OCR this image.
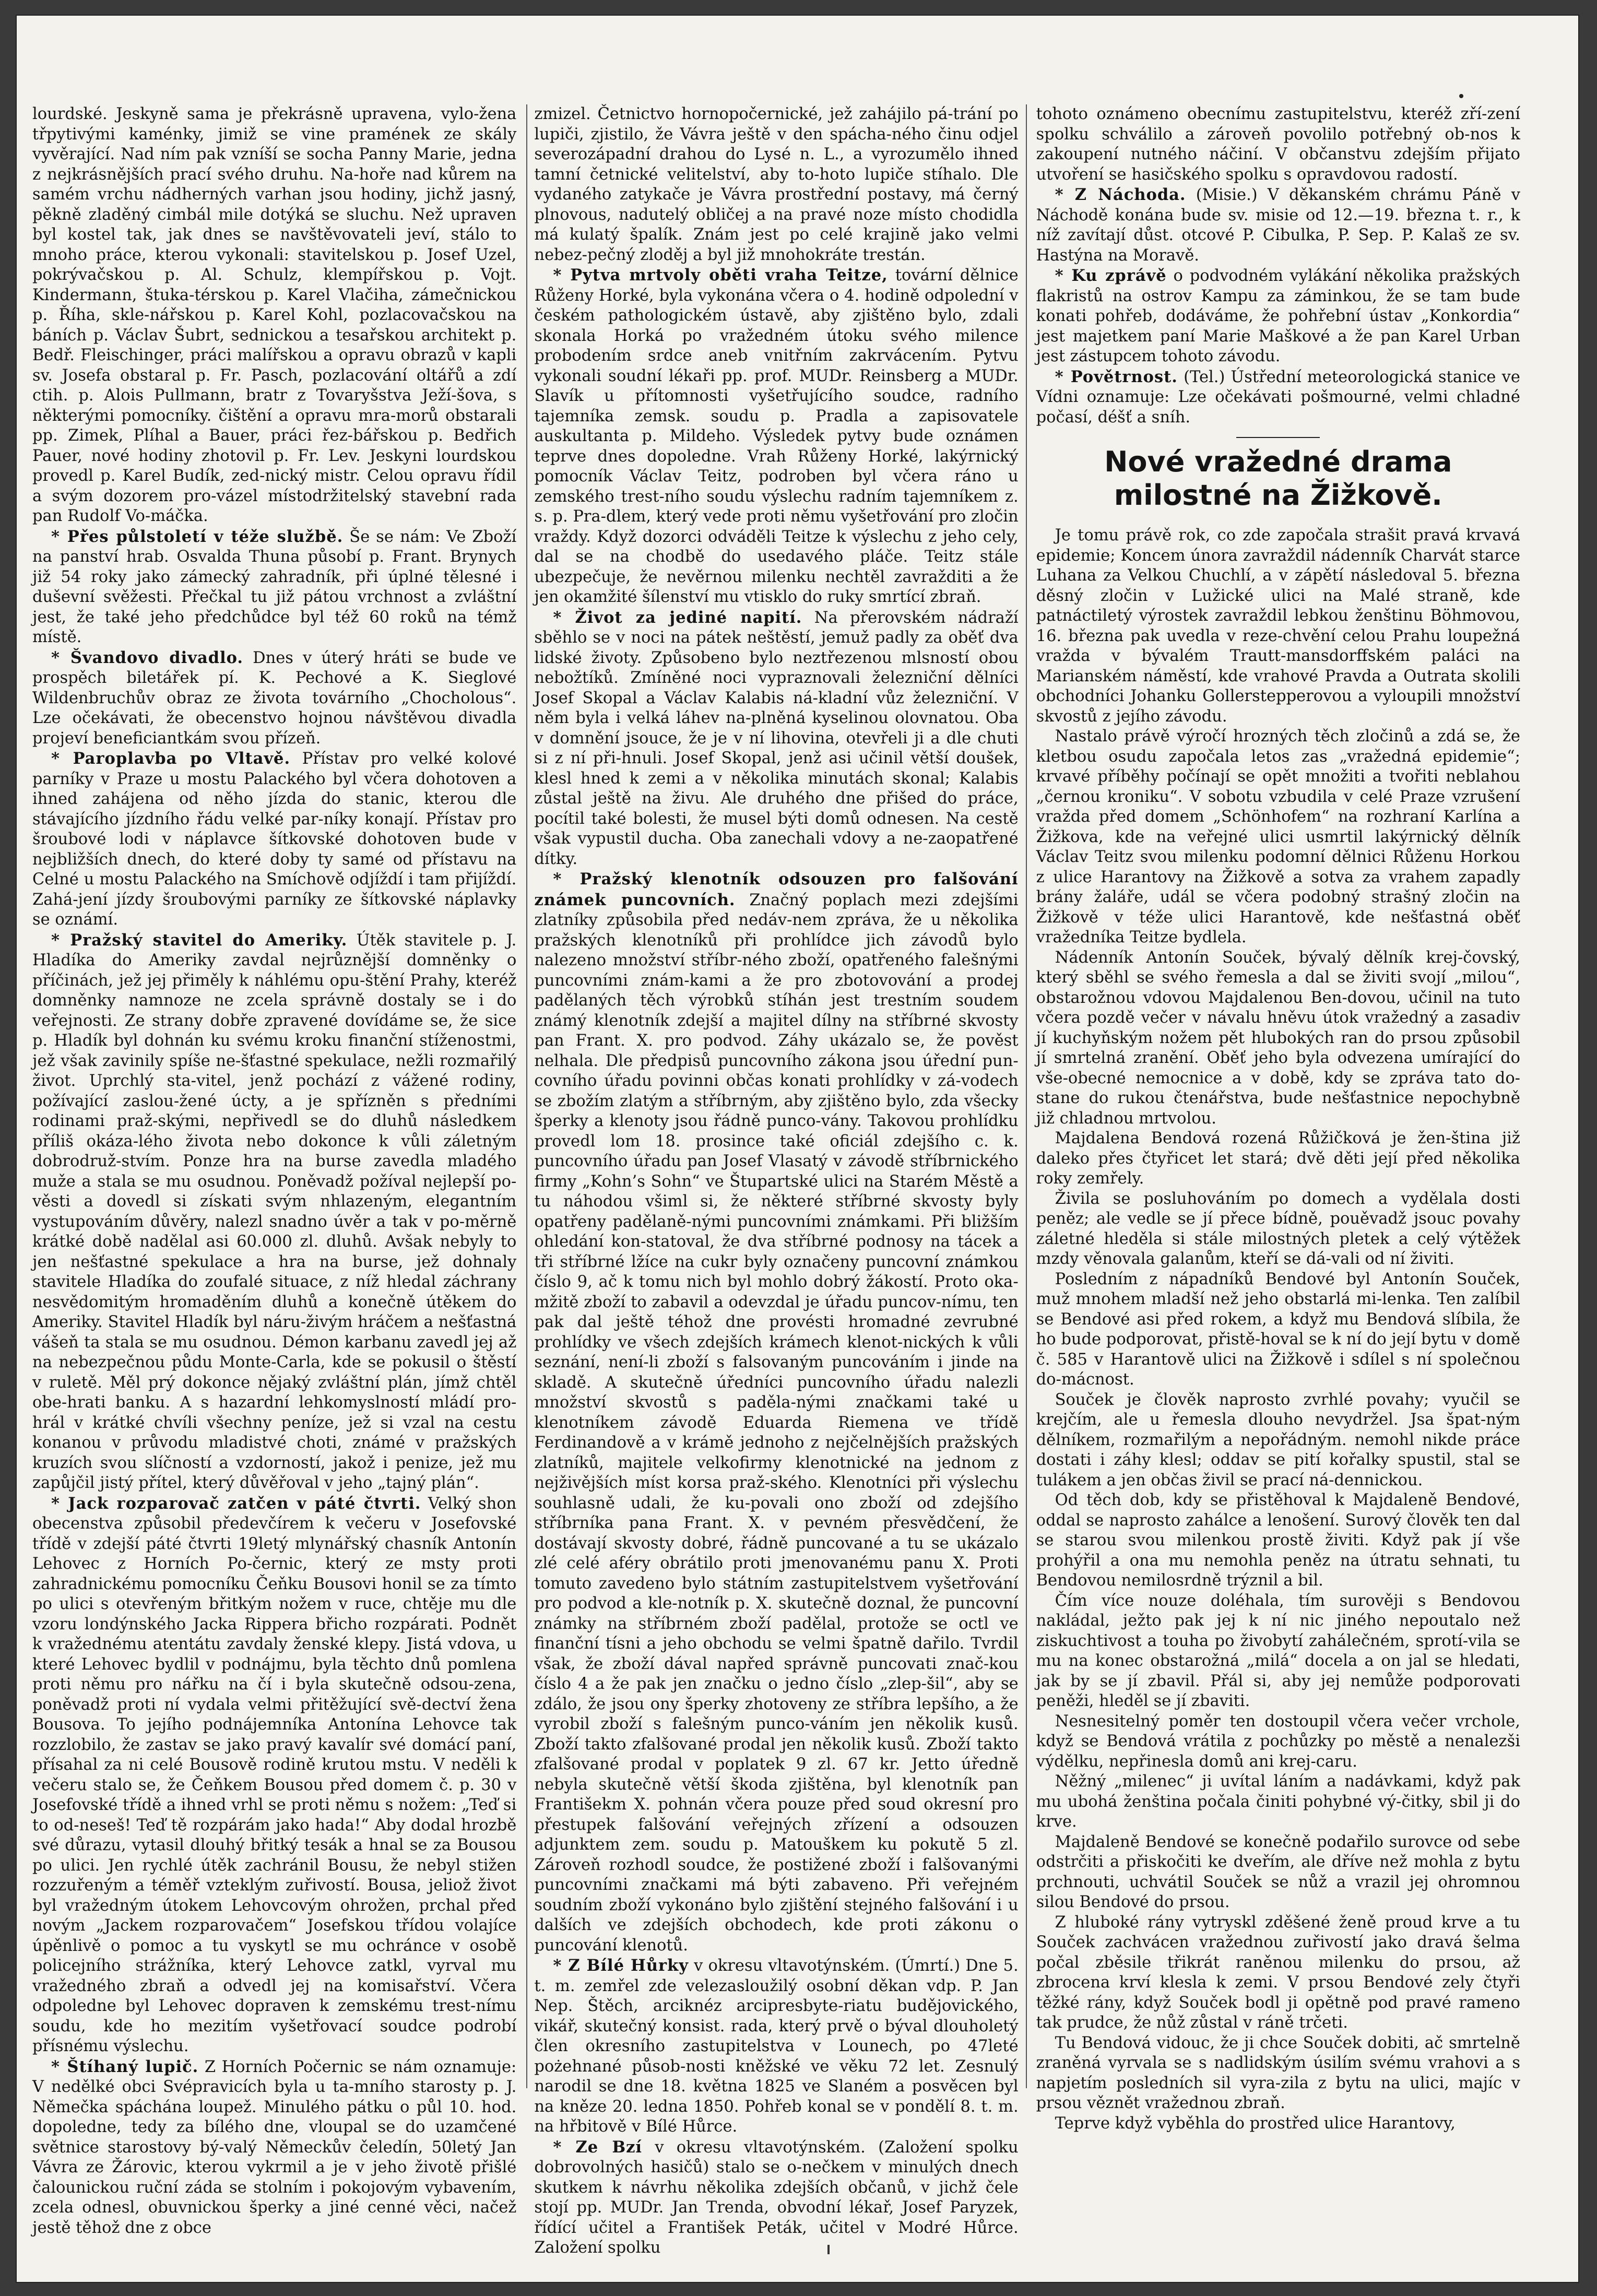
lourdské. Jeskyně sama je překrásně upravena, vylo-žena třpytivými kaménky, jimiž se vine pramének ze skály vyvěrající. Nad ním pak vzníší se socha Panny Marie, jedna z nejkrásnějších prací svého druhu. Na-hoře nad kůrem na samém vrchu nádherných varhan jsou hodiny, jichž jasný, pěkně zladěný cimbál mile dotýká se sluchu. Než upraven byl kostel tak, jak dnes se navštěvovateli jeví, stálo to mnoho práce, kterou vykonali: stavitelskou p. Josef Uzel, pokrývačskou p. Al. Schulz, klempířskou p. Vojt. Kindermann, štuka-térskou p. Karel Vlačiha, zámečnickou p. Říha, skle-nářskou p. Karel Kohl, pozlacovačskou na báních p. Václav Šubrt, sednickou a tesařskou architekt p. Bedř. Fleischinger, práci malířskou a opravu obrazů v kapli sv. Josefa obstaral p. Fr. Pasch, pozlacování oltářů a zdí ctih. p. Alois Pullmann, bratr z Tovaryšstva Ježí-šova, s některými pomocníky. čištění a opravu mra-morů obstarali pp. Zimek, Plíhal a Bauer, práci řez-bářskou p. Bedřich Pauer, nové hodiny zhotovil p. Fr. Lev. Jeskyni lourdskou provedl p. Karel Budík, zed-nický mistr. Celou opravu řídil a svým dozorem pro-vázel místodržitelský stavební rada pan Rudolf Vo-máčka.

* Přes půlstoletí v téže službě. Še se nám: Ve Zboží na panství hrab. Osvalda Thuna působí p. Frant. Brynych již 54 roky jako zámecký zahradník, při úplné tělesné i duševní svěžesti. Přečkal tu již pátou vrchnost a zvláštní jest, že také jeho předchůdce byl též 60 roků na témž místě.

* Švandovo divadlo. Dnes v úterý hráti se bude ve prospěch biletářek pí. K. Pechové a K. Sieglové Wildenbruchův obraz ze života továrního „Chocholous“. Lze očekávati, že obecenstvo hojnou návštěvou divadla projeví beneficiantkám svou přízeň.

* Paroplavba po Vltavě. Přístav pro velké kolové parníky v Praze u mostu Palackého byl včera dohotoven a ihned zahájena od něho jízda do stanic, kterou dle stávajícího jízdního řádu velké par-níky konají. Přístav pro šroubové lodi v náplavce šítkovské dohotoven bude v nejbližších dnech, do které doby ty samé od přístavu na Celné u mostu Palackého na Smíchově odjíždí i tam přijíždí. Zahá-jení jízdy šroubovými parníky ze šítkovské náplavky se oznámí.

* Pražský stavitel do Ameriky. Útěk stavitele p. J. Hladíka do Ameriky zavdal nejrůznější domněnky o příčinách, jež jej přiměly k náhlému opu-štění Prahy, kteréž domněnky namnoze ne zcela správně dostaly se i do veřejnosti. Ze strany dobře zpravené dovídáme se, že sice p. Hladík byl dohnán ku svému kroku finanční stíženostmi, jež však zavinily spíše ne-šťastné spekulace, nežli rozmařilý život. Uprchlý sta-vitel, jenž pochází z vážené rodiny, požívající zaslou-žené úcty, a je spřízněn s předními rodinami praž-skými, nepřivedl se do dluhů následkem příliš okáza-lého života nebo dokonce k vůli záletným dobrodruž-stvím. Ponze hra na burse zavedla mladého muže a stala se mu osudnou. Poněvadž požíval nejlepší po-věsti a dovedl si získati svým nhlazeným, elegantním vystupováním důvěry, nalezl snadno úvěr a tak v po-měrně krátké době nadělal asi 60.000 zl. dluhů. Avšak nebyly to jen nešťastné spekulace a hra na burse, jež dohnaly stavitele Hladíka do zoufalé situace, z níž hledal záchrany nesvědomitým hromaděním dluhů a konečně útěkem do Ameriky. Stavitel Hladík byl náru-živým hráčem a nešťastná vášeň ta stala se mu osudnou. Démon karbanu zavedl jej až na nebezpečnou půdu Monte-Carla, kde se pokusil o štěstí v ruletě. Měl prý dokonce nějaký zvláštní plán, jímž chtěl obe-hrati banku. A s hazardní lehkomyslností mládí pro-hrál v krátké chvíli všechny peníze, jež si vzal na cestu konanou v průvodu mladistvé choti, známé v pražských kruzích svou slíčností a vzdorností, jakož i penize, jež mu zapůjčil jistý přítel, který důvěřoval v jeho „tajný plán“.

* Jack rozparovač zatčen v páté čtvrti. Velký shon obecenstva způsobil předevčírem k večeru v Josefovské třídě v zdejší páté čtvrti 19letý mlynářský chasník Antonín Lehovec z Horních Po-černic, který ze msty proti zahradnickému pomocníku Čeňku Bousovi honil se za tímto po ulici s otevřeným břitkým nožem v ruce, chtěje mu dle vzoru londýnského Jacka Rippera břicho rozpárati. Podnět k vražednému atentátu zavdaly ženské klepy. Jistá vdova, u které Lehovec bydlil v podnájmu, byla těchto dnů pomlena proti němu pro nářku na čí i byla skutečně odsou-zena, poněvadž proti ní vydala velmi přitěžující svě-dectví žena Bousova. To jejího podnájemníka Antonína Lehovce tak rozzlobilo, že zastav se jako pravý kavalír své domácí paní, přísahal za ni celé Bousově rodině krutou mstu. V neděli k večeru stalo se, že Čeňkem Bousou před domem č. p. 30 v Josefovské třídě a ihned vrhl se proti němu s nožem: „Teď si to od-neseš! Teď tě rozpárám jako hada!“ Aby dodal hrozbě své důrazu, vytasil dlouhý břitký tesák a hnal se za Bousou po ulici. Jen rychlé útěk zachránil Bousu, že nebyl stižen rozzuřeným a téměř vzteklým zuřivostí. Bousa, jeliož život byl vražedným útokem Lehovcovým ohrožen, prchal před novým „Jackem rozparovačem“ Josefskou třídou volajíce úpěnlivě o pomoc a tu vyskytl se mu ochránce v osobě policejního strážníka, který Lehovce zatkl, vyrval mu vražedného zbraň a odvedl jej na komisařství. Včera odpoledne byl Lehovec dopraven k zemskému trest-nímu soudu, kde ho mezitím vyšetřovací soudce podrobí přísnému výslechu.

* Štíhaný lupič. Z Horních Počernic se nám oznamuje: V nedělké obci Svépravicích byla u ta-mního starosty p. J. Němečka spáchána loupež. Minulého pátku o půl 10. hod. dopoledne, tedy za bílého dne, vloupal se do uzamčené světnice starostovy bý-valý Německův čeledín, 50letý Jan Vávra ze Žárovic, kterou vykrmil a je v jeho životě přišlé čalounickou ruční záda se stolním i pokojovým vybavením, zcela odnesl, obuvnickou šperky a jiné cenné věci, načež jestě těhož dne z obce

zmizel. Četnictvo hornopočernické, jež zahájilo pá-trání po lupiči, zjistilo, že Vávra ještě v den spácha-ného činu odjel severozápadní drahou do Lysé n. L., a vyrozumělo ihned tamní četnické velitelství, aby to-hoto lupiče stíhalo. Dle vydaného zatykače je Vávra prostřední postavy, má černý plnovous, nadutelý obličej a na pravé noze místo chodidla má kulatý špalík. Znám jest po celé krajině jako velmi nebez-pečný zloděj a byl již mnohokráte trestán.

* Pytva mrtvoly oběti vraha Teitze, tovární dělnice Růženy Horké, byla vykonána včera o 4. hodině odpolední v českém pathologickém ústavě, aby zjištěno bylo, zdali skonala Horká po vražedném útoku svého milence probodením srdce aneb vnitřním zakrvácením. Pytvu vykonali soudní lékaři pp. prof. MUDr. Reinsberg a MUDr. Slavík u přítomnosti vyšetřujícího soudce, radního tajemníka zemsk. soudu p. Pradla a zapisovatele auskultanta p. Mildeho. Výsledek pytvy bude oznámen teprve dnes dopoledne. Vrah Růženy Horké, lakýrnický pomocník Václav Teitz, podroben byl včera ráno u zemského trest-ního soudu výslechu radním tajemníkem z. s. p. Pra-dlem, který vede proti němu vyšetřování pro zločin vraždy. Když dozorci odváděli Teitze k výslechu z jeho cely, dal se na chodbě do usedavého pláče. Teitz stále ubezpečuje, že nevěrnou milenku nechtěl zavražditi a že jen okamžité šílenství mu vtisklo do ruky smrtící zbraň.

* Život za jediné napití. Na přerovském nádraží sběhlo se v noci na pátek neštěstí, jemuž padly za oběť dva lidské životy. Způsobeno bylo neztřezenou mlsností obou nebožtíků. Zmíněné noci vypraznovali železniční dělníci Josef Skopal a Václav Kalabis ná-kladní vůz železniční. V něm byla i velká láhev na-plněná kyselinou olovnatou. Oba v domnění jsouce, že je v ní lihovina, otevřeli ji a dle chuti si z ní při-hnuli. Josef Skopal, jenž asi učinil větší doušek, klesl hned k zemi a v několika minutách skonal; Kalabis zůstal ještě na živu. Ale druhého dne přišed do práce, pocítil také bolesti, že musel býti domů odnesen. Na cestě však vypustil ducha. Oba zanechali vdovy a ne-zaopatřené dítky.

* Pražský klenotník odsouzen pro falšování známek puncovních. Značný poplach mezi zdejšími zlatníky způsobila před nedáv-nem zpráva, že u několika pražských klenotníků při prohlídce jich závodů bylo nalezeno množství stříbr-ného zboží, opatřeného falešnými puncovními znám-kami a že pro zbotovování a prodej padělaných těch výrobků stíhán jest trestním soudem známý klenotník zdejší a majitel dílny na stříbrné skvosty pan Frant. X. pro podvod. Záhy ukázalo se, že pověst nelhala. Dle předpisů puncovního zákona jsou úřední pun-covního úřadu povinni občas konati prohlídky v zá-vodech se zbožím zlatým a stříbrným, aby zjištěno bylo, zda všecky šperky a klenoty jsou řádně punco-vány. Takovou prohlídku provedl lom 18. prosince také oficiál zdejšího c. k. puncovního úřadu pan Josef Vlasatý v závodě stříbrnického firmy „Kohn’s Sohn“ ve Štupartské ulici na Starém Městě a tu náhodou všiml si, že některé stříbrné skvosty byly opatřeny padělaně-nými puncovními známkami. Při bližším ohledání kon-statoval, že dva stříbrné podnosy na tácek a tři stříbrné lžíce na cukr byly označeny puncovní známkou číslo 9, ač k tomu nich byl mohlo dobrý žákostí. Proto oka-mžitě zboží to zabavil a odevzdal je úřadu puncov-nímu, ten pak dal ještě téhož dne provésti hromadné zevrubné prohlídky ve všech zdejších krámech klenot-nických k vůli seznání, není-li zboží s falsovaným puncováním i jinde na skladě. A skutečně úředníci puncovního úřadu nalezli množství skvostů s paděla-nými značkami také u klenotníkem závodě Eduarda Riemena ve třídě Ferdinandově a v krámě jednoho z nejčelnějších pražských zlatníků, majitele velkofirmy klenotnické na jednom z nejživějších míst korsa praž-ského. Klenotníci při výslechu souhlasně udali, že ku-povali ono zboží od zdejšího stříbrníka pana Frant. X. v pevném přesvědčení, že dostávají skvosty dobré, řádně puncované a tu se ukázalo zlé celé aféry obrátilo proti jmenovanému panu X. Proti tomuto zavedeno bylo státním zastupitelstvem vyšetřování pro podvod a kle-notník p. X. skutečně doznal, že puncovní známky na stříbrném zboží padělal, protože se octl ve finanční tísni a jeho obchodu se velmi špatně dařilo. Tvrdil však, že zboží dával napřed správně puncovati znač-kou číslo 4 a že pak jen značku o jedno číslo „zlep-šil“, aby se zdálo, že jsou ony šperky zhotoveny ze stříbra lepšího, a že vyrobil zboží s falešným punco-váním jen několik kusů. Zboží takto zfalšované prodal jen několik kusů. Zboží takto zfalšované prodal v poplatek 9 zl. 67 kr. Jetto úředně nebyla skutečně větší škoda zjištěna, byl klenotník pan Františekm X. pohnán včera pouze před soud okresní pro přestupek falšování veřejných zřízení a odsouzen adjunktem zem. soudu p. Matouškem ku pokutě 5 zl. Zároveň rozhodl soudce, že postižené zboží i falšovanými puncovními značkami má býti zabaveno. Při veřejném soudním zboží vykonáno bylo zjištění stejného falšování i u dalších ve zdejších obchodech, kde proti zákonu o puncování klenotů.

* Z Bílé Hůrky v okresu vltavotýnském. (Úmrtí.) Dne 5. t. m. zemřel zde velezasloužilý osobní děkan vdp. P. Jan Nep. Štěch, arciknéz arcipresbyte-riatu budějovického, vikář, skutečný konsist. rada, který prvě o býval dlouholetý člen okresního zastupitelstva v Lounech, po 47leté pożehnané působ-nosti kněžské ve věku 72 let. Zesnulý narodil se dne 18. května 1825 ve Slaném a posvěcen byl na kněze 20. ledna 1850. Pohřeb konal se v pondělí 8. t. m. na hřbitově v Bílé Hůrce.

* Ze Bzí v okresu vltavotýnském. (Založení spolku dobrovolných hasičů) stalo se o-nečkem v minulých dnech skutkem k návrhu několika zdejších občanů, v jichž čele stojí pp. MUDr. Jan Trenda, obvodní lékař, Josef Paryzek, řídící učitel a František Peták, učitel v Modré Hůrce. Založení spolku

tohoto oznámeno obecnímu zastupitelstvu, kteréž zří-zení spolku schválilo a zároveň povolilo potřebný ob-nos k zakoupení nutného náčiní. V občanstvu zdejším přijato utvoření se hasičského spolku s opravdovou radostí.

* Z Náchoda. (Misie.) V děkanském chrámu Páně v Náchodě konána bude sv. misie od 12.—19. března t. r., k níž zavítají důst. otcové P. Cibulka, P. Sep. P. Kalaš ze sv. Hastýna na Moravě.

* Ku zprávě o podvodném vylákání několika pražských flakristů na ostrov Kampu za záminkou, že se tam bude konati pohřeb, dodáváme, že pohřební ústav „Konkordia“ jest majetkem paní Marie Maškové a že pan Karel Urban jest zástupcem tohoto závodu.

* Povětrnost. (Tel.) Ústřední meteorologická stanice ve Vídni oznamuje: Lze očekávati pošmourné, velmi chladné počasí, déšť a sníh.

Nové vražedné drama milostné na Žižkově.

Je tomu právě rok, co zde započala strašit pravá krvavá epidemie; Koncem února zavraždil nádenník Charvát starce Luhana za Velkou Chuchlí, a v zápětí následoval 5. března děsný zločin v Lužické ulici na Malé straně, kde patnáctiletý výrostek zavraždil lebkou ženštinu Böhmovou, 16. března pak uvedla v reze-chvění celou Prahu loupežná vražda v bývalém Trautt-mansdorffském paláci na Marianském náměstí, kde vrahové Pravda a Outrata skolili obchodníci Johanku Gollerstepperovou a vyloupili množství skvostů z jejího závodu.

Nastalo právě výročí hrozných těch zločinů a zdá se, že kletbou osudu započala letos zas „vražedná epidemie“; krvavé příběhy počínají se opět množiti a tvořiti neblahou „černou kroniku“. V sobotu vzbudila v celé Praze vzrušení vražda před domem „Schönhofem“ na rozhraní Karlína a Žižkova, kde na veřejné ulici usmrtil lakýrnický dělník Václav Teitz svou milenku podomní dělnici Růženu Horkou z ulice Harantovy na Žižkově a sotva za vrahem zapadly brány žaláře, udál se včera podobný strašný zločin na Žižkově v téže ulici Harantově, kde nešťastná oběť vražedníka Teitze bydlela.

Nádenník Antonín Souček, bývalý dělník krej-čovský, který sběhl se svého řemesla a dal se živiti svojí „milou“, obstarožnou vdovou Majdalenou Ben-dovou, učinil na tuto včera pozdě večer v návalu hněvu útok vražedný a zasadiv jí kuchyňským nožem pět hlubokých ran do prsou způsobil jí smrtelná zranění. Oběť jeho byla odvezena umírající do vše-obecné nemocnice a v době, kdy se zpráva tato do-stane do rukou čtenářstva, bude nešťastnice nepochybně již chladnou mrtvolou.

Majdalena Bendová rozená Růžičková je žen-ština již daleko přes čtyřicet let stará; dvě děti její před několika roky zemřely.

Živila se posluhováním po domech a vydělala dosti peněz; ale vedle se jí přece bídně, pouěvadž jsouc povahy záletné hleděla si stále milostných pletek a celý výtěžek mzdy věnovala galanům, kteří se dá-vali od ní živiti.

Posledním z nápadníků Bendové byl Antonín Souček, muž mnohem mladší než jeho obstarlá mi-lenka. Ten zalíbil se Bendové asi před rokem, a když mu Bendová slíbila, že ho bude podporovat, přistě-hoval se k ní do její bytu v domě č. 585 v Harantově ulici na Žižkově i sdílel s ní společnou do-mácnost.

Souček je člověk naprosto zvrhlé povahy; vyučil se krejčím, ale u řemesla dlouho nevydržel. Jsa špat-ným dělníkem, rozmařilým a nepořádným. nemohl nikde práce dostati i záhy klesl; oddav se pití kořalky spustil, stal se tulákem a jen občas živil se prací ná-dennickou.

Od těch dob, kdy se přistěhoval k Majdaleně Bendové, oddal se naprosto zahálce a lenošení. Surový člověk ten dal se starou svou milenkou prostě živiti. Když pak jí vše prohýřil a ona mu nemohla peněz na útratu sehnati, tu Bendovou nemilosrdně trýznil a bil.

Čím více nouze doléhala, tím surověji s Bendovou nakládal, ježto pak jej k ní nic jiného nepoutalo než ziskuchtivost a touha po živobytí zahálečném, sprotí-vila se mu na konec obstarožná „milá“ docela a on jal se hledati, jak by se jí zbavil. Přál si, aby jej nemůže podporovati peněži, hleděl se jí zbaviti.

Nesnesitelný poměr ten dostoupil včera večer vrchole, když se Bendová vrátila z pochůzky po městě a nenalezši výdělku, nepřinesla domů ani krej-caru.

Něžný „milenec“ ji uvítal láním a nadávkami, když pak mu ubohá ženština počala činiti pohybné vý-čitky, sbil ji do krve.

Majdaleně Bendové se konečně podařilo surovce od sebe odstrčiti a přiskočiti ke dveřím, ale dříve než mohla z bytu prchnouti, uchvátil Souček se nůž a vrazil jej ohromnou silou Bendové do prsou.

Z hluboké rány vytryskl zděšené ženě proud krve a tu Souček zachvácen vražednou zuřivostí jako dravá šelma počal zběsile třikrát raněnou milenku do prsou, až zbrocena krví klesla k zemi. V prsou Bendové zely čtyři těžké rány, když Souček bodl ji opětně pod pravé rameno tak prudce, že nůž zůstal v ráně trčeti.

Tu Bendová vidouc, že ji chce Souček dobiti, ač smrtelně zraněná vyrvala se s nadlidským úsilím svému vrahovi a s napjetím posledních sil vyra-zila z bytu na ulici, majíc v prsou věznět vražednou zbraň.

Teprve když vyběhla do prostřed ulice Harantovy,
